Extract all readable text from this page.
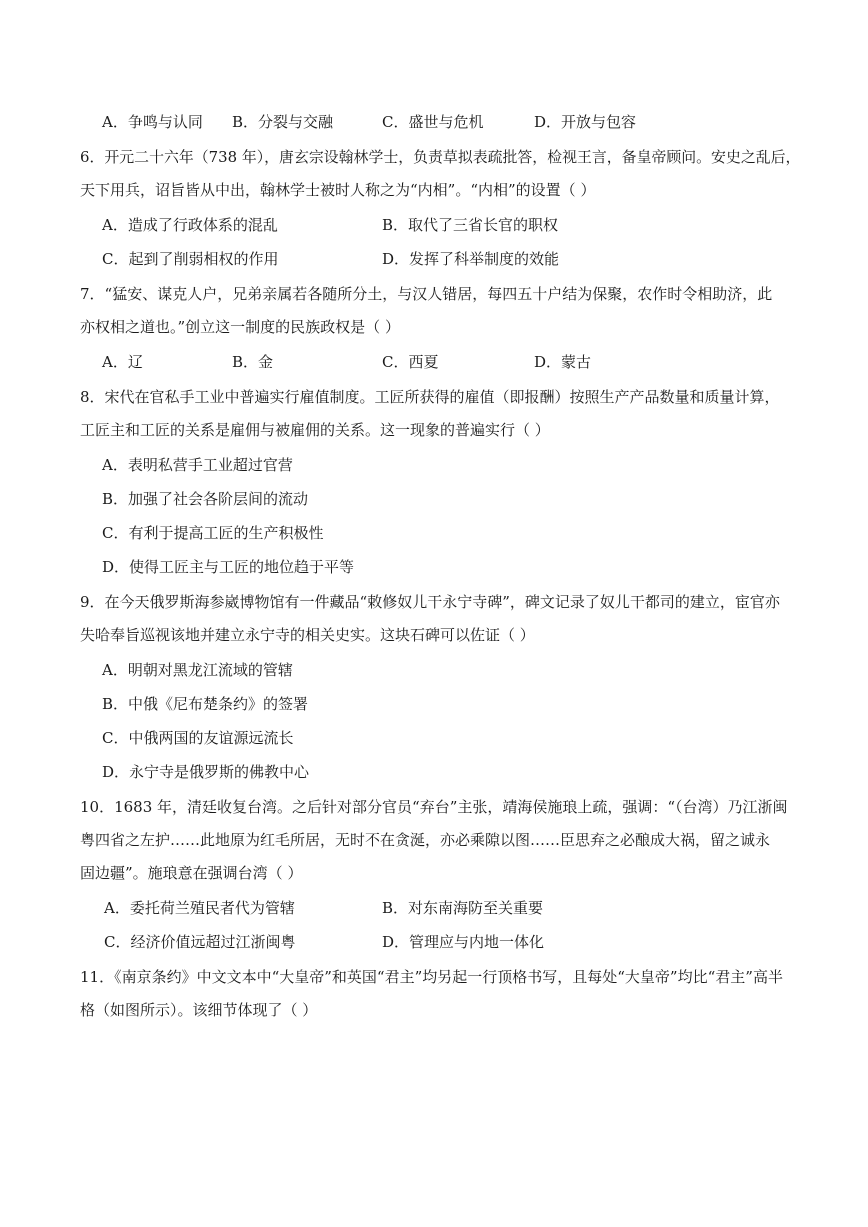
A．争鸣与认同 B．分裂与交融	C．盛世与危机	D．开放与包容
6．开元二十六年（738 年），唐玄宗设翰林学士，负责草拟表疏批答，检视王言，备皇帝顾问。安史之乱后，
天下用兵，诏旨皆从中出，翰林学士被时人称之为“内相”。“内相”的设置（ ）
A．造成了行政体系的混乱	B．取代了三省长官的职权
C．起到了削弱相权的作用	D．发挥了科举制度的效能
7．“猛安、谋克人户，兄弟亲属若各随所分土，与汉人错居，每四五十户结为保聚，农作时令相助济，此
亦权相之道也。”创立这一制度的民族政权是（ ）
A．辽	B．金	C．西夏	D．蒙古
8．宋代在官私手工业中普遍实行雇值制度。工匠所获得的雇值（即报酬）按照生产产品数量和质量计算，
工匠主和工匠的关系是雇佣与被雇佣的关系。这一现象的普遍实行（ ）
A．表明私营手工业超过官营
B．加强了社会各阶层间的流动
C．有利于提高工匠的生产积极性
D．使得工匠主与工匠的地位趋于平等
9．在今天俄罗斯海参崴博物馆有一件藏品“敕修奴儿干永宁寺碑”，碑文记录了奴儿干都司的建立，宦官亦
失哈奉旨巡视该地并建立永宁寺的相关史实。这块石碑可以佐证（ ）
A．明朝对黑龙江流域的管辖
B．中俄《尼布楚条约》的签署
C．中俄两国的友谊源远流长
D．永宁寺是俄罗斯的佛教中心
10．1683 年，清廷收复台湾。之后针对部分官员“弃台”主张，靖海侯施琅上疏，强调：“（台湾）乃江浙闽
粤四省之左护……此地原为红毛所居，无时不在贪涎，亦必乘隙以图……臣思弃之必酿成大祸，留之诚永
固边疆”。施琅意在强调台湾（ ）
A．委托荷兰殖民者代为管辖	B．对东南海防至关重要
C．经济价值远超过江浙闽粤	D．管理应与内地一体化
11．《南京条约》中文文本中“大皇帝”和英国“君主”均另起一行顶格书写，且每处“大皇帝”均比“君主”高半
格（如图所示）。该细节体现了（ ）
